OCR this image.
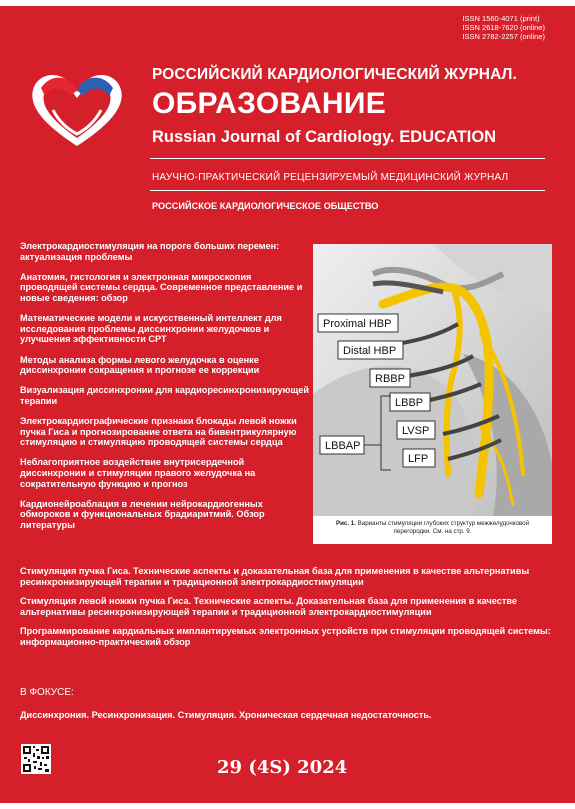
ISSN 1560-4071 (print)
ISSN 2618-7620 (online)
ISSN 2782-2257 (online)
РОССИЙСКИЙ КАРДИОЛОГИЧЕСКИЙ ЖУРНАЛ.
ОБРАЗОВАНИЕ
Russian Journal of Cardiology. EDUCATION
НАУЧНО-ПРАКТИЧЕСКИЙ РЕЦЕНЗИРУЕМЫЙ МЕДИЦИНСКИЙ ЖУРНАЛ
РОССИЙСКОЕ КАРДИОЛОГИЧЕСКОЕ ОБЩЕСТВО
Электрокардиостимуляция на пороге больших перемен: актуализация проблемы
Анатомия, гистология и электронная микроскопия проводящей системы сердца. Современное представление и новые сведения: обзор
Математические модели и искусственный интеллект для исследования проблемы диссинхронии желудочков и улучшения эффективности СРТ
Методы анализа формы левого желудочка в оценке диссинхронии сокращения и прогнозе ее коррекции
Визуализация диссинхронии для кардиоресинхронизирующей терапии
Электрокардиографические признаки блокады левой ножки пучка Гиса и прогнозирование ответа на бивентрикулярную стимуляцию и стимуляцию проводящей системы сердца
Неблагоприятное воздействие внутрисердечной диссинхронии и стимуляции правого желудочка на сократительную функцию и прогноз
Кардионейроаблация в лечении нейрокардиогенных обмороков и функциональных брадиаритмий. Обзор литературы
Proximal HBP
Distal HBP
RBBP
LBBP
LVSP
LFP
LBBAP
Рис. 1. Варианты стимуляции глубоких структур межжелудочковой перегородки. См. на стр. 9.
Стимуляция пучка Гиса. Технические аспекты и доказательная база для применения в качестве альтернативы ресинхронизирующей терапии и традиционной электрокардиостимуляции
Стимуляция левой ножки пучка Гиса. Технические аспекты. Доказательная база для применения в качестве альтернативы ресинхронизирующей терапии и традиционной электрокардиостимуляции
Программирование кардиальных имплантируемых электронных устройств при стимуляции проводящей системы: информационно-практический обзор
В ФОКУСЕ:
Диссинхрония. Ресинхронизация. Стимуляция. Хроническая сердечная недостаточность.
29 (4S) 2024
